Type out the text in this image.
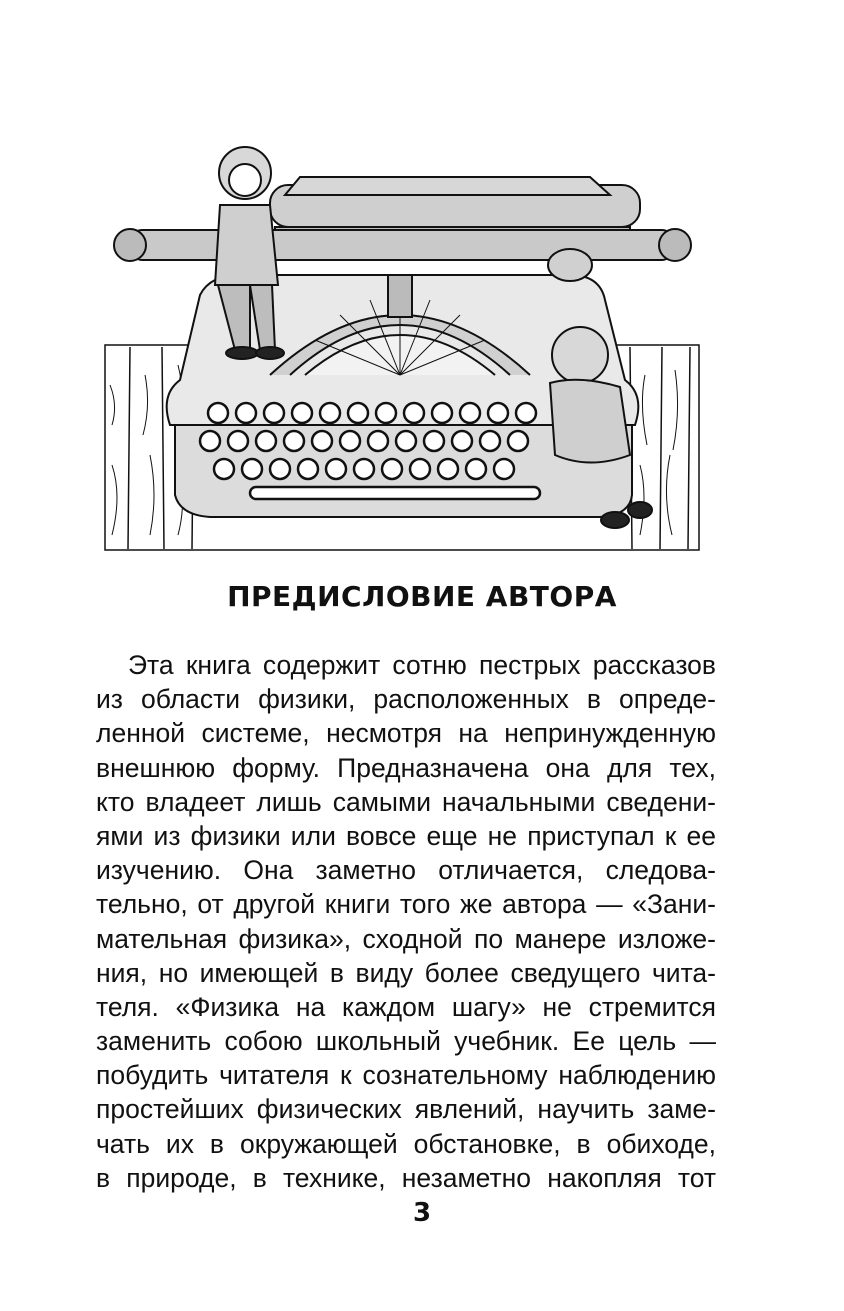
ПРЕДИСЛОВИЕ АВТОРА
Эта книга содержит сотню пестрых рассказов
из области физики, расположенных в опреде-
ленной системе, несмотря на непринужденную
внешнюю форму. Предназначена она для тех,
кто владеет лишь самыми начальными сведени-
ями из физики или вовсе еще не приступал к ее
изучению. Она заметно отличается, следова-
тельно, от другой книги того же автора — «Зани-
мательная физика», сходной по манере изложе-
ния, но имеющей в виду более сведущего чита-
теля. «Физика на каждом шагу» не стремится
заменить собою школьный учебник. Ее цель —
побудить читателя к сознательному наблюдению
простейших физических явлений, научить заме-
чать их в окружающей обстановке, в обиходе,
в природе, в технике, незаметно накопляя тот
3
